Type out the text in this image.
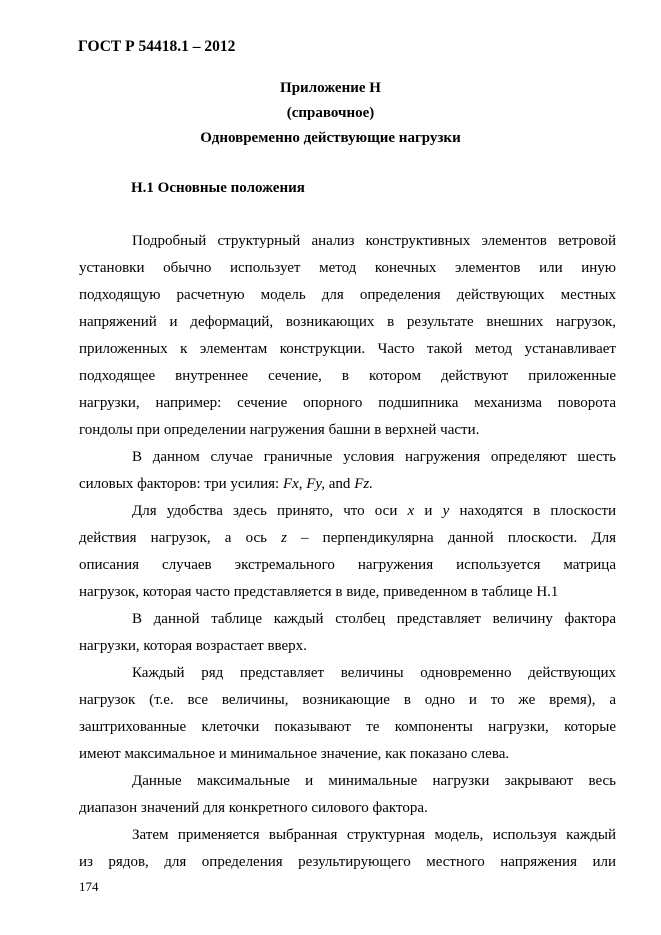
ГОСТ Р 54418.1 – 2012
Приложение Н
(справочное)
Одновременно действующие нагрузки
Н.1 Основные положения
Подробный структурный анализ конструктивных элементов ветровой
установки обычно использует метод конечных элементов или иную
подходящую расчетную модель для определения действующих местных
напряжений и деформаций, возникающих в результате внешних нагрузок,
приложенных к элементам конструкции. Часто такой метод устанавливает
подходящее внутреннее сечение, в котором действуют приложенные
нагрузки, например: сечение опорного подшипника механизма поворота
гондолы при определении нагружения башни в верхней части.
В данном случае граничные условия нагружения определяют шесть
силовых факторов: три усилия: Fx, Fy, and Fz.
Для удобства здесь принято, что оси x и y находятся в плоскости
действия нагрузок, а ось z – перпендикулярна данной плоскости. Для
описания случаев экстремального нагружения используется матрица
нагрузок, которая часто представляется в виде, приведенном в таблице Н.1
В данной таблице каждый столбец представляет величину фактора
нагрузки, которая возрастает вверх.
Каждый ряд представляет величины одновременно действующих
нагрузок (т.е. все величины, возникающие в одно и то же время), а
заштрихованные клеточки показывают те компоненты нагрузки, которые
имеют максимальное и минимальное значение, как показано слева.
Данные максимальные и минимальные нагрузки закрывают весь
диапазон значений для конкретного силового фактора.
Затем применяется выбранная структурная модель, используя каждый
из рядов, для определения результирующего местного напряжения или
174
